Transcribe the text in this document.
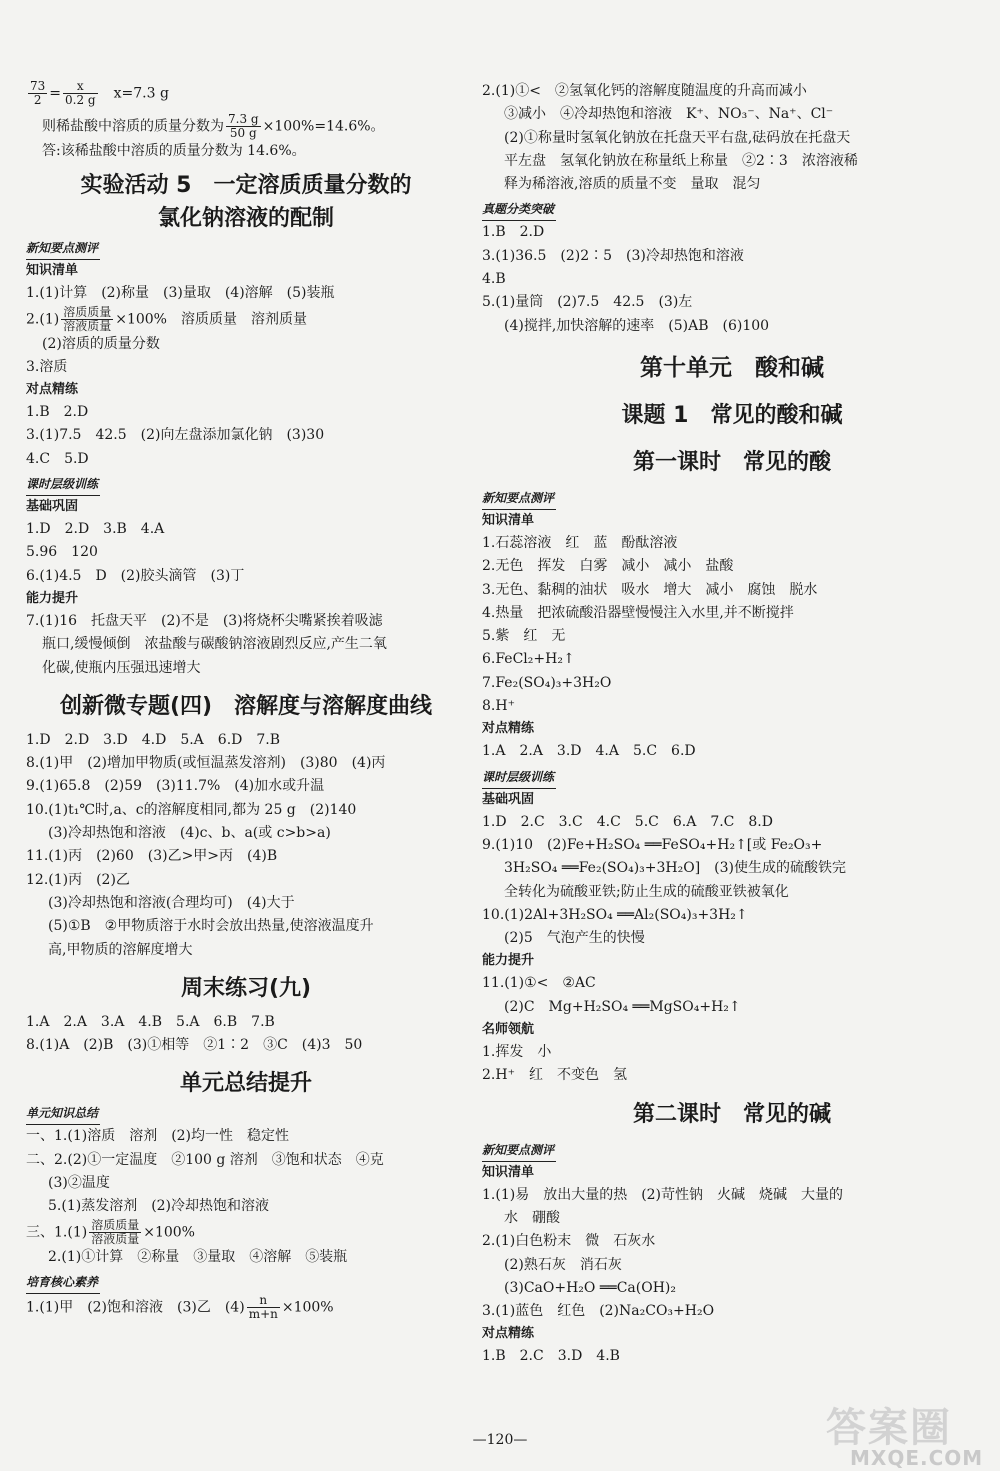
$\frac{73}{2} = \frac{x}{0.2 g}$
　 x=7.3 g
则稀盐酸中溶质的质量分数为 $\frac{7.3 g}{50 g} \times 100\%=14.6\%$。
答:该稀盐酸中溶质的质量分数为 14.6%。
实验活动 5　一定溶质质量分数的
氯化钠溶液的配制
新知要点测评
知识清单
1.(1)计算　(2)称量　(3)量取　(4)溶解　(5)装瓶
$2.(1) \frac{\text{溶质质量}}{\text{溶液质量}} \times 100\%$　溶质质量　溶剂质量
(2)溶质的质量分数
3.溶质
对点精练
1.B　2.D
3.(1)7.5　42.5　(2)向左盘添加氯化钠　(3)30
4.C　5.D
课时层级训练
基础巩固
1.D　2.D　3.B　4.A
5.96　120
6.(1)4.5　D　(2)胶头滴管　(3)丁
能力提升
7.(1)16　托盘天平　(2)不是　(3)将烧杯尖嘴紧挨着吸滤
瓶口,缓慢倾倒　浓盐酸与碳酸钠溶液剧烈反应,产生二氧
化碳,使瓶内压强迅速增大
创新微专题(四)　溶解度与溶解度曲线
1.D　2.D　3.D　4.D　5.A　6.D　7.B
8.(1)甲　(2)增加甲物质(或恒温蒸发溶剂)　(3)80　(4)丙
9.(1)65.8　(2)59　(3)11.7%　(4)加水或升温
10.(1)t₁℃时,a、c的溶解度相同,都为 25 g　(2)140
(3)冷却热饱和溶液　(4)c、b、a(或 c>b>a)
11.(1)丙　(2)60　(3)乙>甲>丙　(4)B
12.(1)丙　(2)乙
(3)冷却热饱和溶液(合理均可)　(4)大于
(5)①B　②甲物质溶于水时会放出热量,使溶液温度升
高,甲物质的溶解度增大
周末练习(九)
1.A　2.A　3.A　4.B　5.A　6.B　7.B
8.(1)A　(2)B　(3)①相等　②1∶2　③C　(4)3　50
单元总结提升
单元知识总结
一、1.(1)溶质　溶剂　(2)均一性　稳定性
二、2.(2)①一定温度　②100 g 溶剂　③饱和状态　④克
(3)②温度
5.(1)蒸发溶剂　(2)冷却热饱和溶液
三、$1.(1) \frac{\text{溶质质量}}{\text{溶液质量}} \times 100\%$
2.(1)①计算　②称量　③量取　④溶解　⑤装瓶
培育核心素养
1.(1)甲　(2)饱和溶液　(3)乙　$(4) \frac{n}{m+n} \times 100\%$
2.(1)①<　②氢氧化钙的溶解度随温度的升高而减小
③减小　④冷却热饱和溶液　K⁺、NO₃⁻、Na⁺、Cl⁻
(2)①称量时氢氧化钠放在托盘天平右盘,砝码放在托盘天
平左盘　氢氧化钠放在称量纸上称量　②2∶3　浓溶液稀
释为稀溶液,溶质的质量不变　量取　混匀
真题分类突破
1.B　2.D
3.(1)36.5　(2)2∶5　(3)冷却热饱和溶液
4.B
5.(1)量筒　(2)7.5　42.5　(3)左
(4)搅拌,加快溶解的速率　(5)AB　(6)100
第十单元　酸和碱
课题 1　常见的酸和碱
第一课时　常见的酸
新知要点测评
知识清单
1.石蕊溶液　红　蓝　酚酞溶液
2.无色　挥发　白雾　减小　减小　盐酸
3.无色、黏稠的油状　吸水　增大　减小　腐蚀　脱水
4.热量　把浓硫酸沿器壁慢慢注入水里,并不断搅拌
5.紫　红　无
6.FeCl₂+H₂↑
7.Fe₂(SO₄)₃+3H₂O
8.H⁺
对点精练
1.A　2.A　3.D　4.A　5.C　6.D
课时层级训练
基础巩固
1.D　2.C　3.C　4.C　5.C　6.A　7.C　8.D
9.(1)10　(2)Fe+H₂SO₄ ══FeSO₄+H₂↑[或 Fe₂O₃+
3H₂SO₄ ══Fe₂(SO₄)₃+3H₂O]　(3)使生成的硫酸铁完
全转化为硫酸亚铁;防止生成的硫酸亚铁被氧化
10.(1)2Al+3H₂SO₄ ══Al₂(SO₄)₃+3H₂↑
(2)5　气泡产生的快慢
能力提升
11.(1)①<　②AC
(2)C　Mg+H₂SO₄ ══MgSO₄+H₂↑
名师领航
1.挥发　小
2.H⁺　红　不变色　氢
第二课时　常见的碱
新知要点测评
知识清单
1.(1)易　放出大量的热　(2)苛性钠　火碱　烧碱　大量的
水　硼酸
2.(1)白色粉末　微　石灰水
(2)熟石灰　消石灰
(3)CaO+H₂O ══Ca(OH)₂
3.(1)蓝色　红色　(2)Na₂CO₃+H₂O
对点精练
1.B　2.C　3.D　4.B
—120—	答案圈
MXQE.COM
